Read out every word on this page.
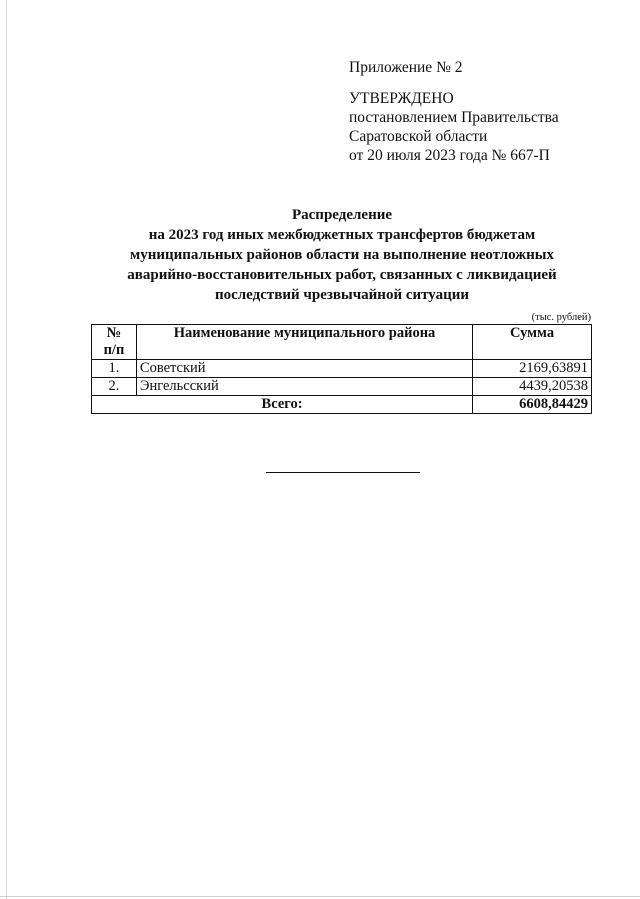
Приложение № 2
УТВЕРЖДЕНО
постановлением Правительства
Саратовской области
от 20 июля 2023 года № 667-П
Распределение
на 2023 год иных межбюджетных трансфертов бюджетам
муниципальных районов области на выполнение неотложных
аварийно-восстановительных работ, связанных с ликвидацией
последствий чрезвычайной ситуации
(тыс. рублей)
№
п/п	Наименование муниципального района	Сумма
1.	Советский	2169,63891
2.	Энгельсский	4439,20538
Всего:		6608,84429
